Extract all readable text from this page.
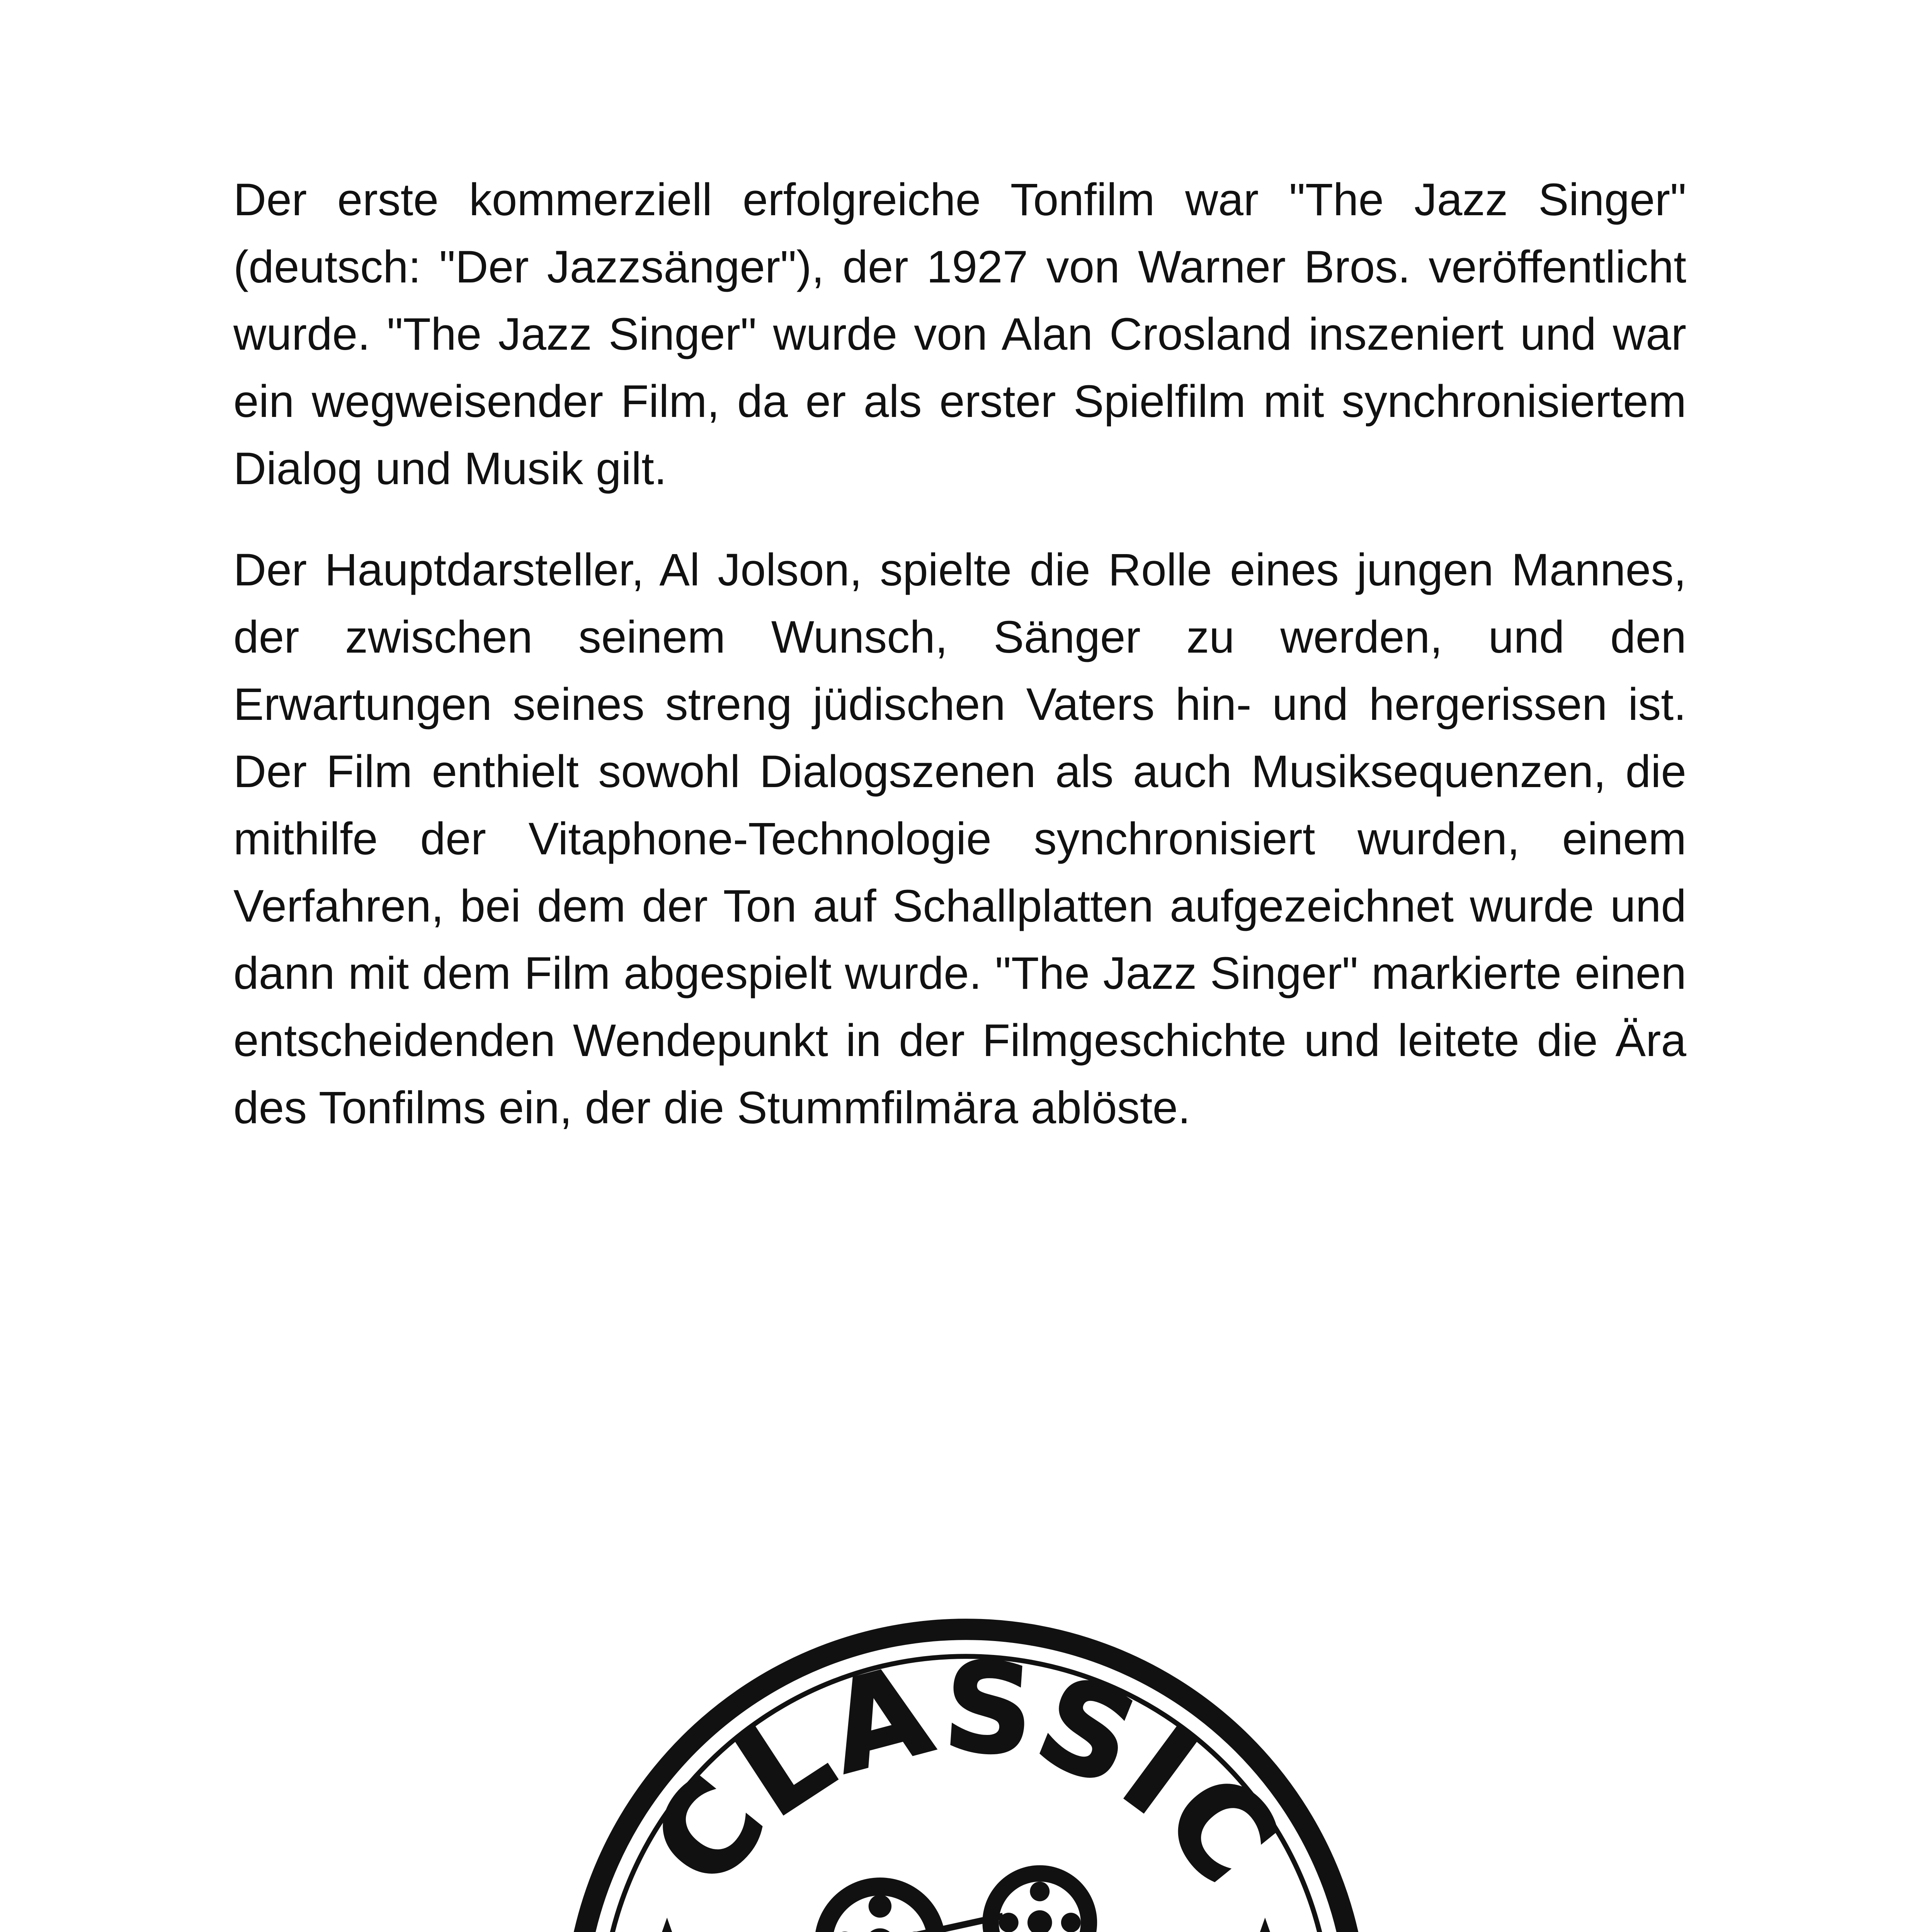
Der erste kommerziell erfolgreiche Tonfilm war "The Jazz Singer" (deutsch: "Der Jazzsänger"), der 1927 von Warner Bros. veröffentlicht wurde. "The Jazz Singer" wurde von Alan Crosland inszeniert und war ein wegweisender Film, da er als erster Spielfilm mit synchronisiertem Dialog und Musik gilt.

Der Hauptdarsteller, Al Jolson, spielte die Rolle eines jungen Mannes, der zwischen seinem Wunsch, Sänger zu werden, und den Erwartungen seines streng jüdischen Vaters hin- und hergerissen ist. Der Film enthielt sowohl Dialogszenen als auch Musiksequenzen, die mithilfe der Vitaphone-Technologie synchronisiert wurden, einem Verfahren, bei dem der Ton auf Schallplatten aufgezeichnet wurde und dann mit dem Film abgespielt wurde. "The Jazz Singer" markierte einen entscheidenden Wendepunkt in der Filmgeschichte und leitete die Ära des Tonfilms ein, der die Stummfilmära ablöste.

CLASSIC
